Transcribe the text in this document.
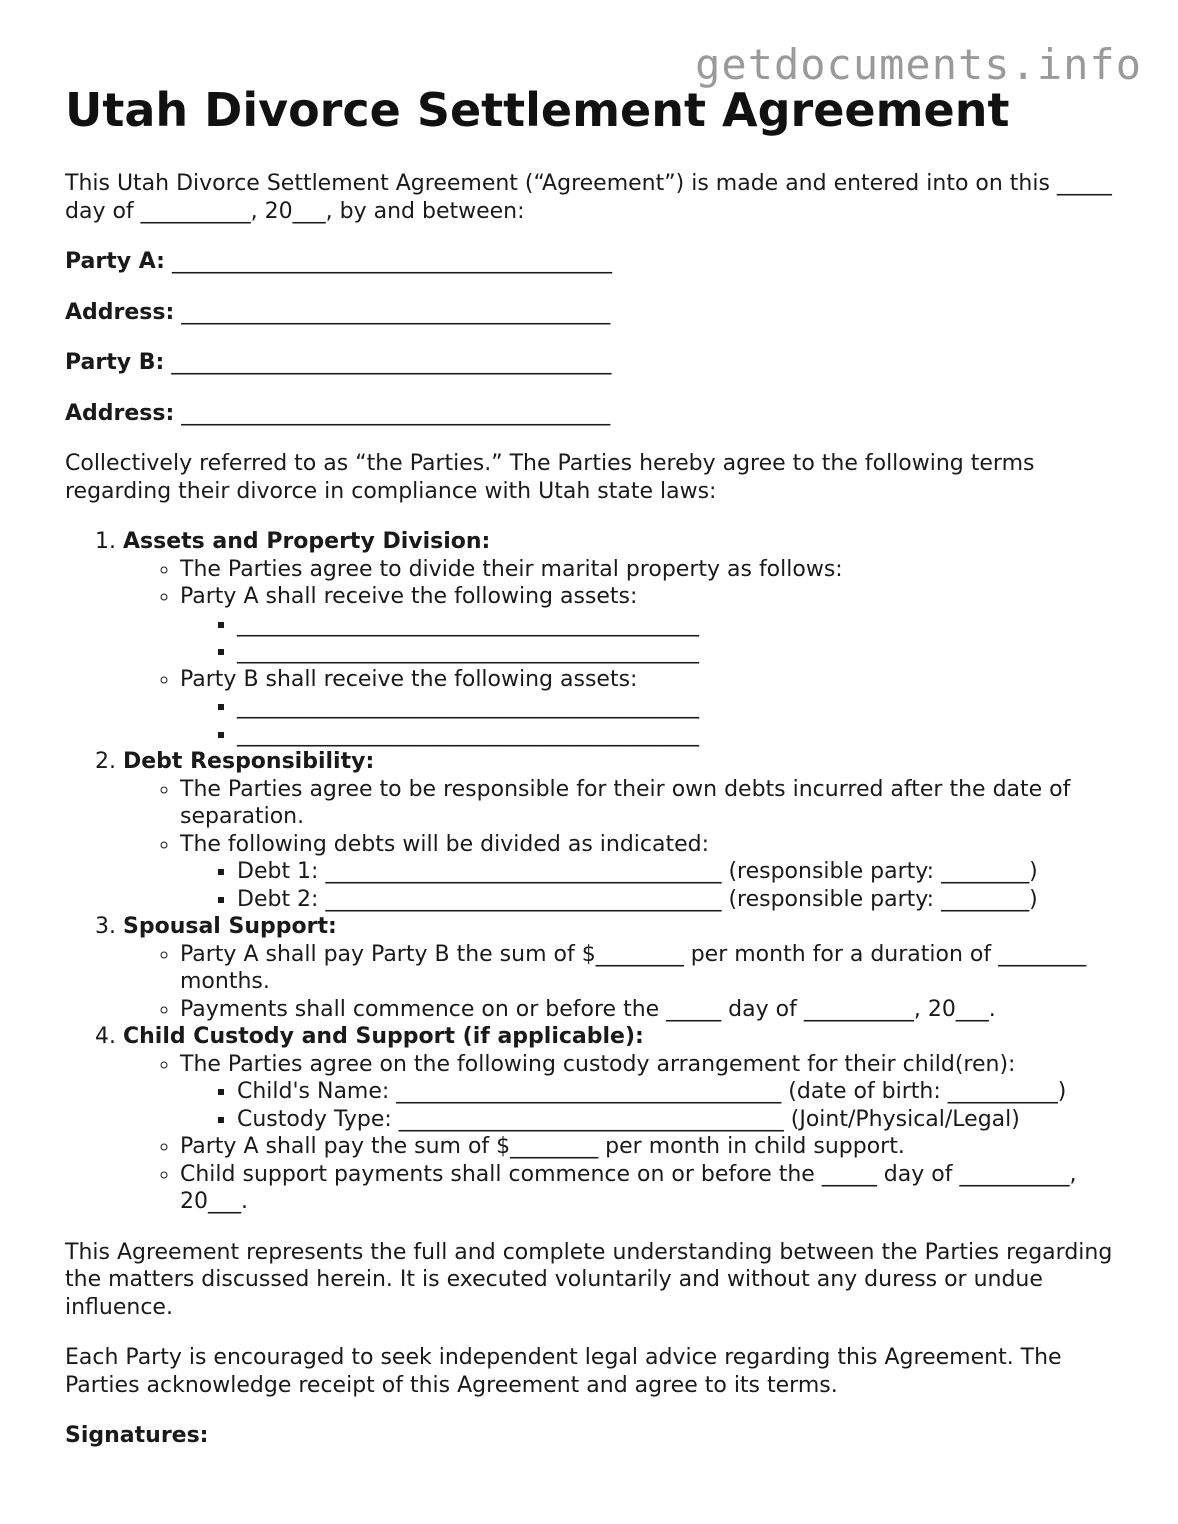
getdocuments.info
Utah Divorce Settlement Agreement

This Utah Divorce Settlement Agreement (“Agreement”) is made and entered into on this _____ day of __________, 20___, by and between:

Party A: ________________________________________

Address: _______________________________________

Party B: ________________________________________

Address: _______________________________________

Collectively referred to as “the Parties.” The Parties hereby agree to the following terms regarding their divorce in compliance with Utah state laws:

1. Assets and Property Division:
◦ The Parties agree to divide their marital property as follows:
◦ Party A shall receive the following assets:
▪ __________________________________________
▪ __________________________________________
◦ Party B shall receive the following assets:
▪ __________________________________________
▪ __________________________________________
2. Debt Responsibility:
◦ The Parties agree to be responsible for their own debts incurred after the date of separation.
◦ The following debts will be divided as indicated:
▪ Debt 1: ____________________________________ (responsible party: ________)
▪ Debt 2: ____________________________________ (responsible party: ________)
3. Spousal Support:
◦ Party A shall pay Party B the sum of $________ per month for a duration of ________ months.
◦ Payments shall commence on or before the _____ day of __________, 20___.
4. Child Custody and Support (if applicable):
◦ The Parties agree on the following custody arrangement for their child(ren):
▪ Child's Name: ___________________________________ (date of birth: __________)
▪ Custody Type: ___________________________________ (Joint/Physical/Legal)
◦ Party A shall pay the sum of $________ per month in child support.
◦ Child support payments shall commence on or before the _____ day of __________, 20___.

This Agreement represents the full and complete understanding between the Parties regarding the matters discussed herein. It is executed voluntarily and without any duress or undue influence.

Each Party is encouraged to seek independent legal advice regarding this Agreement. The Parties acknowledge receipt of this Agreement and agree to its terms.

Signatures:
